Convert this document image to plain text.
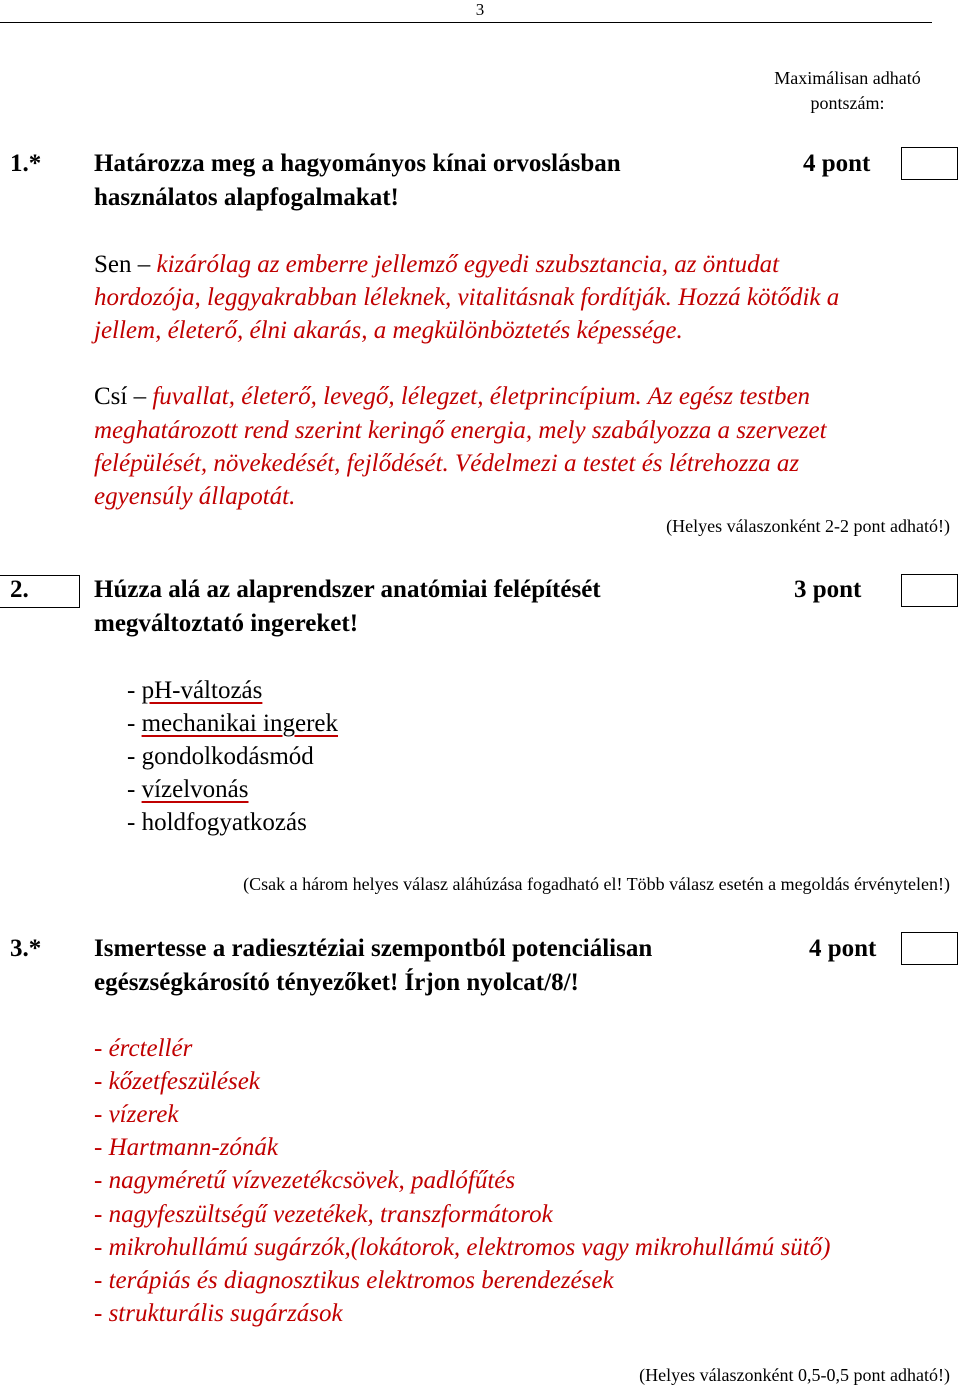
3
Maximálisan adható pontszám:
1.* Határozza meg a hagyományos kínai orvoslásban	4 pont
használatos alapfogalmakat!
Sen – kizárólag az emberre jellemző egyedi szubsztancia, az öntudat
hordozója, leggyakrabban léleknek, vitalitásnak fordítják. Hozzá kötődik a
jellem, életerő, élni akarás, a megkülönböztetés képessége.
Csí – fuvallat, életerő, levegő, lélegzet, életprincípium. Az egész testben
meghatározott rend szerint keringő energia, mely szabályozza a szervezet
felépülését, növekedését, fejlődését. Védelmezi a testet és létrehozza az
egyensúly állapotát.
(Helyes válaszonként 2-2 pont adható!)
2.	Húzza alá az alaprendszer anatómiai felépítését	3 pont
megváltoztató ingereket!
- pH-változás
- mechanikai ingerek
- gondolkodásmód
- vízelvonás
- holdfogyatkozás
(Csak a három helyes válasz aláhúzása fogadható el! Több válasz esetén a megoldás érvénytelen!)
3.* Ismertesse a radiesztéziai szempontból potenciálisan	4 pont
egészségkárosító tényezőket! Írjon nyolcat/8/!
- érctellér
- kőzetfeszülések
- vízerek
- Hartmann-zónák
- nagyméretű vízvezetékcsövek, padlófűtés
- nagyfeszültségű vezetékek, transzformátorok
- mikrohullámú sugárzók,(lokátorok, elektromos vagy mikrohullámú sütő)
- terápiás és diagnosztikus elektromos berendezések
- strukturális sugárzások
(Helyes válaszonként 0,5-0,5 pont adható!)
